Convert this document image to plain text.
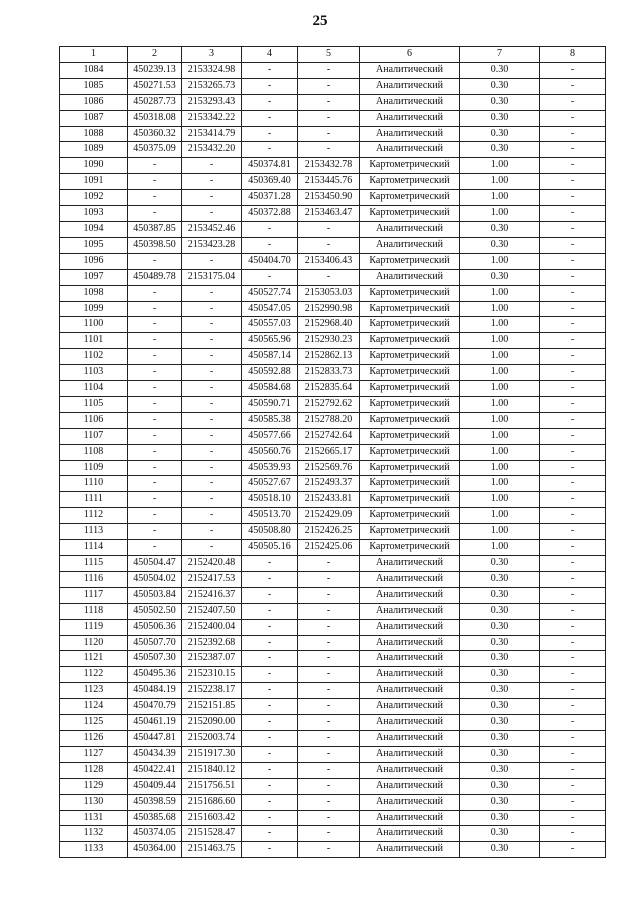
25
1	2	3	4	5	6	7	8
1084	450239.13	2153324.98	-	-	Аналитический	0.30	-
1085	450271.53	2153265.73	-	-	Аналитический	0.30	-
1086	450287.73	2153293.43	-	-	Аналитический	0.30	-
1087	450318.08	2153342.22	-	-	Аналитический	0.30	-
1088	450360.32	2153414.79	-	-	Аналитический	0.30	-
1089	450375.09	2153432.20	-	-	Аналитический	0.30	-
1090	-	-	450374.81	2153432.78	Картометрический	1.00	-
1091	-	-	450369.40	2153445.76	Картометрический	1.00	-
1092	-	-	450371.28	2153450.90	Картометрический	1.00	-
1093	-	-	450372.88	2153463.47	Картометрический	1.00	-
1094	450387.85	2153452.46	-	-	Аналитический	0.30	-
1095	450398.50	2153423.28	-	-	Аналитический	0.30	-
1096	-	-	450404.70	2153406.43	Картометрический	1.00	-
1097	450489.78	2153175.04	-	-	Аналитический	0.30	-
1098	-	-	450527.74	2153053.03	Картометрический	1.00	-
1099	-	-	450547.05	2152990.98	Картометрический	1.00	-
1100	-	-	450557.03	2152968.40	Картометрический	1.00	-
1101	-	-	450565.96	2152930.23	Картометрический	1.00	-
1102	-	-	450587.14	2152862.13	Картометрический	1.00	-
1103	-	-	450592.88	2152833.73	Картометрический	1.00	-
1104	-	-	450584.68	2152835.64	Картометрический	1.00	-
1105	-	-	450590.71	2152792.62	Картометрический	1.00	-
1106	-	-	450585.38	2152788.20	Картометрический	1.00	-
1107	-	-	450577.66	2152742.64	Картометрический	1.00	-
1108	-	-	450560.76	2152665.17	Картометрический	1.00	-
1109	-	-	450539.93	2152569.76	Картометрический	1.00	-
1110	-	-	450527.67	2152493.37	Картометрический	1.00	-
1111	-	-	450518.10	2152433.81	Картометрический	1.00	-
1112	-	-	450513.70	2152429.09	Картометрический	1.00	-
1113	-	-	450508.80	2152426.25	Картометрический	1.00	-
1114	-	-	450505.16	2152425.06	Картометрический	1.00	-
1115	450504.47	2152420.48	-	-	Аналитический	0.30	-
1116	450504.02	2152417.53	-	-	Аналитический	0.30	-
1117	450503.84	2152416.37	-	-	Аналитический	0.30	-
1118	450502.50	2152407.50	-	-	Аналитический	0.30	-
1119	450506.36	2152400.04	-	-	Аналитический	0.30	-
1120	450507.70	2152392.68	-	-	Аналитический	0.30	-
1121	450507.30	2152387.07	-	-	Аналитический	0.30	-
1122	450495.36	2152310.15	-	-	Аналитический	0.30	-
1123	450484.19	2152238.17	-	-	Аналитический	0.30	-
1124	450470.79	2152151.85	-	-	Аналитический	0.30	-
1125	450461.19	2152090.00	-	-	Аналитический	0.30	-
1126	450447.81	2152003.74	-	-	Аналитический	0.30	-
1127	450434.39	2151917.30	-	-	Аналитический	0.30	-
1128	450422.41	2151840.12	-	-	Аналитический	0.30	-
1129	450409.44	2151756.51	-	-	Аналитический	0.30	-
1130	450398.59	2151686.60	-	-	Аналитический	0.30	-
1131	450385.68	2151603.42	-	-	Аналитический	0.30	-
1132	450374.05	2151528.47	-	-	Аналитический	0.30	-
1133	450364.00	2151463.75	-	-	Аналитический	0.30	-
